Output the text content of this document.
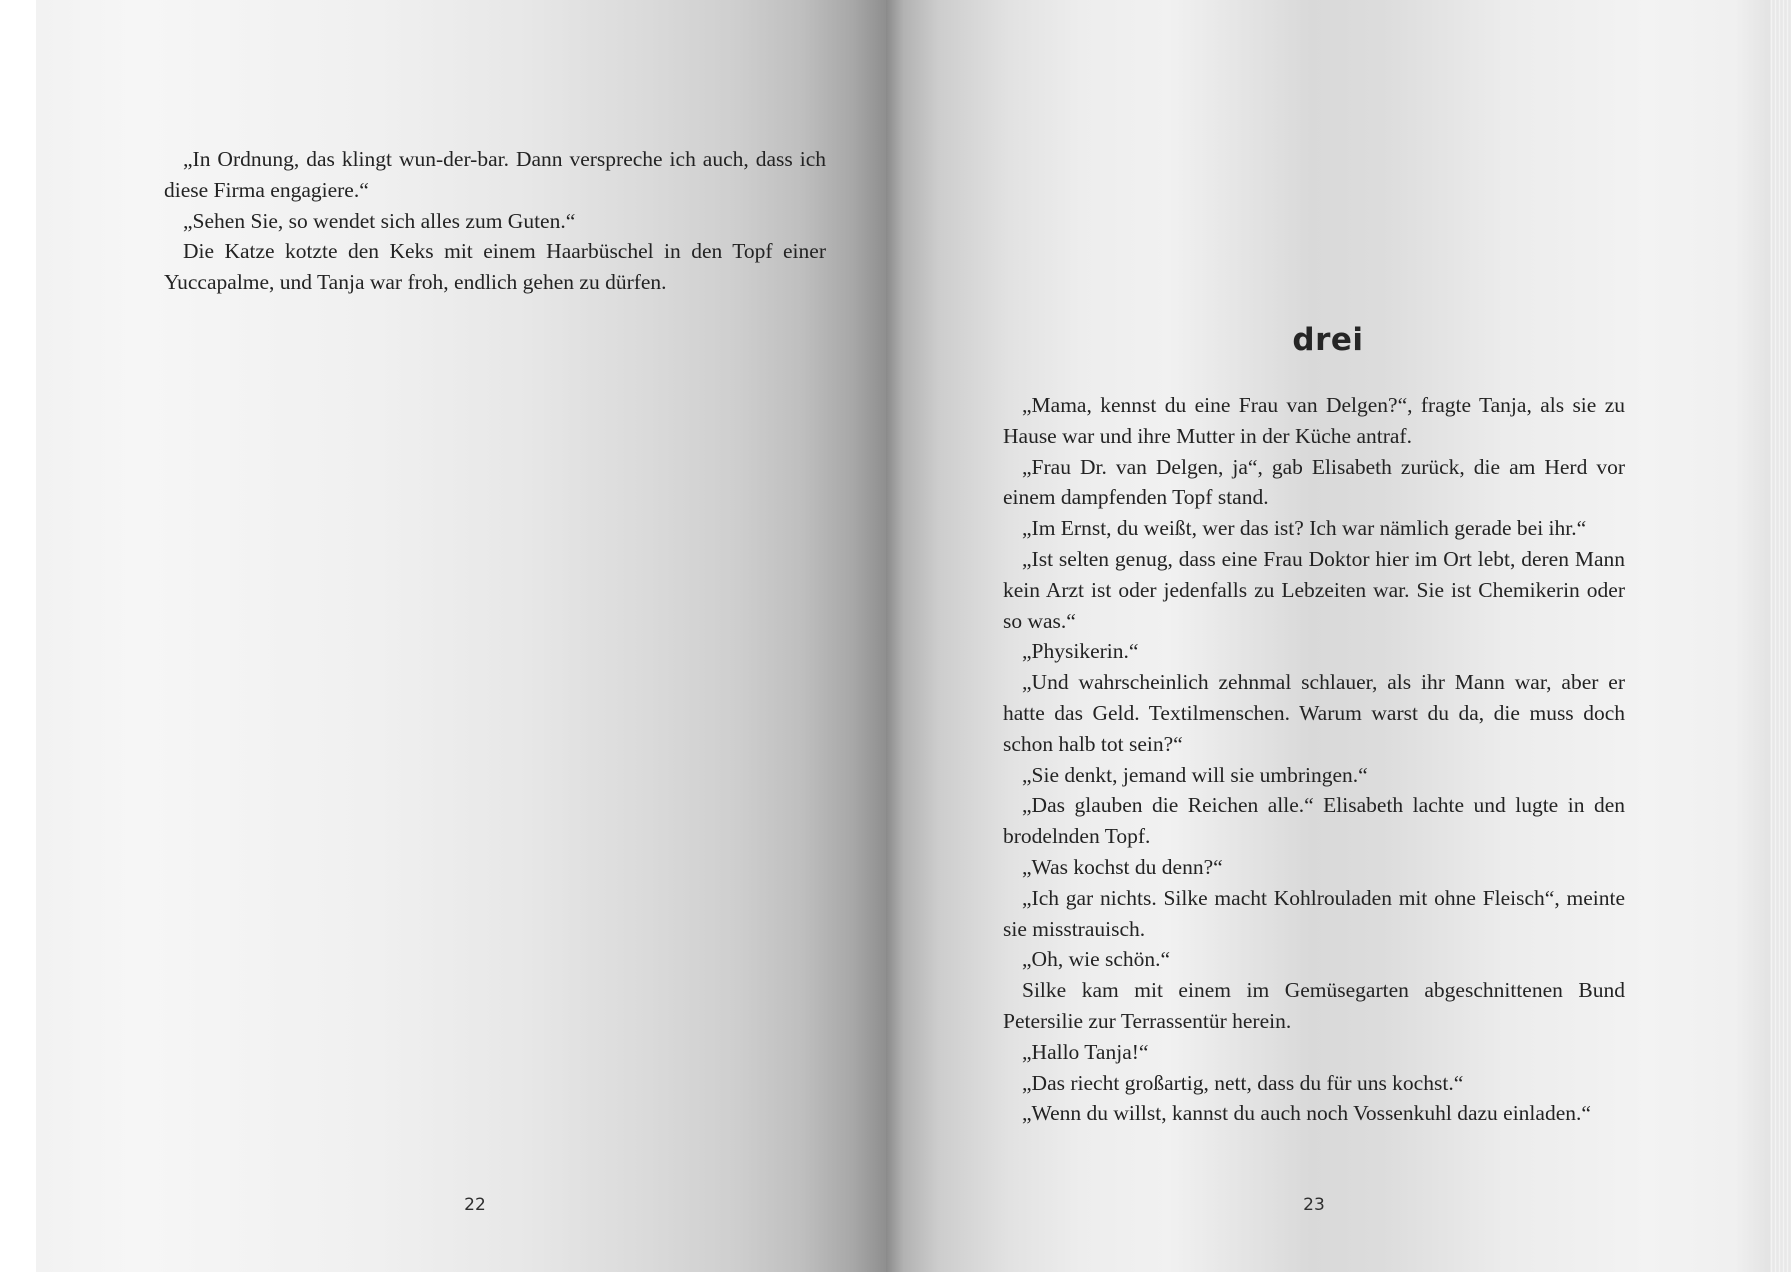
„In Ordnung, das klingt wun-der-bar. Dann verspreche ich auch, dass ich diese Firma engagiere.“

„Sehen Sie, so wendet sich alles zum Guten.“

Die Katze kotzte den Keks mit einem Haarbüschel in den Topf einer Yuccapalme, und Tanja war froh, endlich gehen zu dürfen.

22

drei

„Mama, kennst du eine Frau van Delgen?“, fragte Tanja, als sie zu Hause war und ihre Mutter in der Küche antraf.

„Frau Dr. van Delgen, ja“, gab Elisabeth zurück, die am Herd vor einem dampfenden Topf stand.

„Im Ernst, du weißt, wer das ist? Ich war nämlich gerade bei ihr.“

„Ist selten genug, dass eine Frau Doktor hier im Ort lebt, deren Mann kein Arzt ist oder jedenfalls zu Lebzeiten war. Sie ist Chemikerin oder so was.“

„Physikerin.“

„Und wahrscheinlich zehnmal schlauer, als ihr Mann war, aber er hatte das Geld. Textilmenschen. Warum warst du da, die muss doch schon halb tot sein?“

„Sie denkt, jemand will sie umbringen.“

„Das glauben die Reichen alle.“ Elisabeth lachte und lugte in den brodelnden Topf.

„Was kochst du denn?“

„Ich gar nichts. Silke macht Kohlrouladen mit ohne Fleisch“, meinte sie misstrauisch.

„Oh, wie schön.“

Silke kam mit einem im Gemüsegarten abgeschnittenen Bund Petersilie zur Terrassentür herein.

„Hallo Tanja!“

„Das riecht großartig, nett, dass du für uns kochst.“

„Wenn du willst, kannst du auch noch Vossenkuhl dazu einladen.“

23
